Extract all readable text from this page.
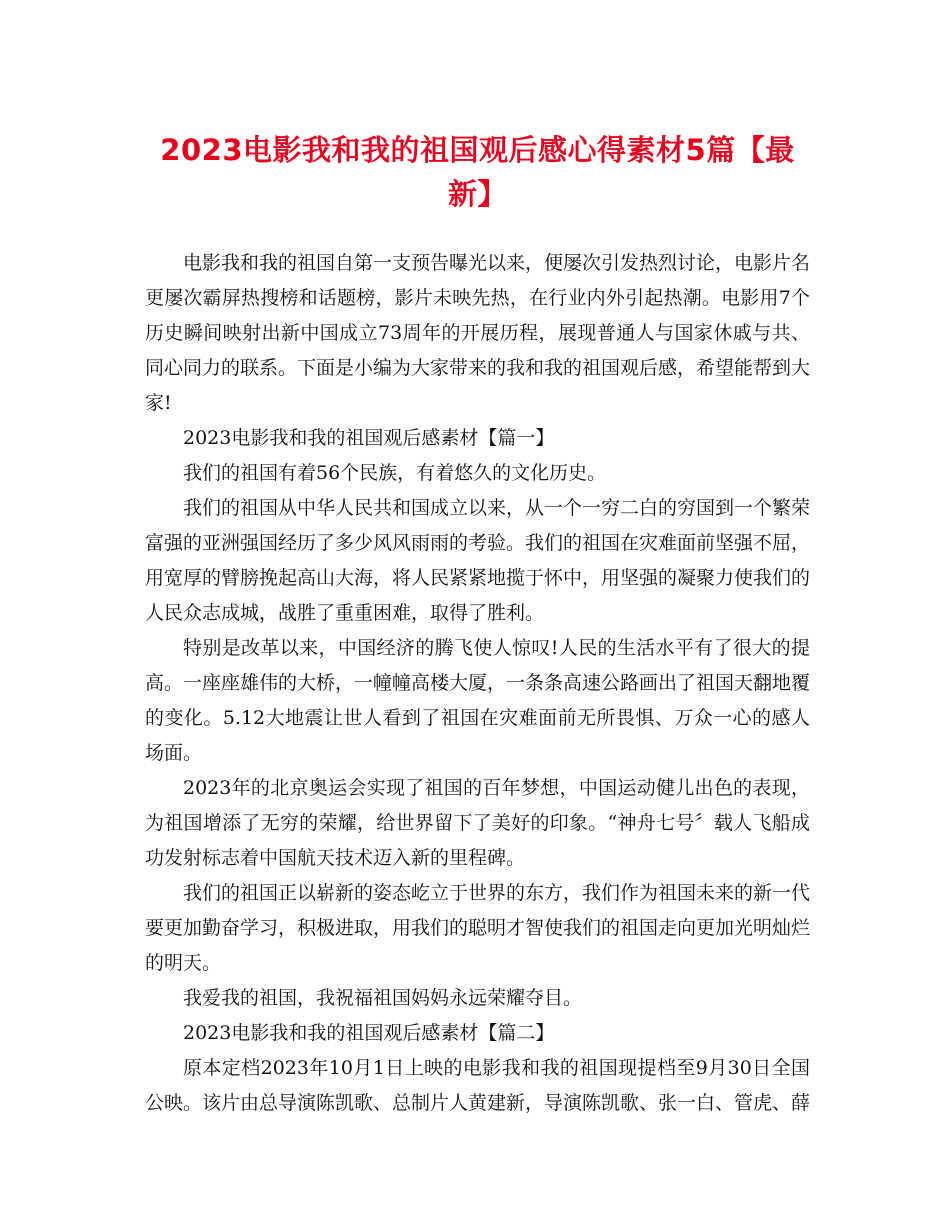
2023电影我和我的祖国观后感心得素材5篇【最新】

电影我和我的祖国自第一支预告曝光以来，便屡次引发热烈讨论，电影片名更屡次霸屏热搜榜和话题榜，影片未映先热，在行业内外引起热潮。电影用7个历史瞬间映射出新中国成立73周年的开展历程，展现普通人与国家休戚与共、同心同力的联系。下面是小编为大家带来的我和我的祖国观后感，希望能帮到大家!

2023电影我和我的祖国观后感素材【篇一】

我们的祖国有着56个民族，有着悠久的文化历史。

我们的祖国从中华人民共和国成立以来，从一个一穷二白的穷国到一个繁荣富强的亚洲强国经历了多少风风雨雨的考验。我们的祖国在灾难面前坚强不屈，用宽厚的臂膀挽起高山大海，将人民紧紧地揽于怀中，用坚强的凝聚力使我们的人民众志成城，战胜了重重困难，取得了胜利。

特别是改革以来，中国经济的腾飞使人惊叹!人民的生活水平有了很大的提高。一座座雄伟的大桥，一幢幢高楼大厦，一条条高速公路画出了祖国天翻地覆的变化。5.12大地震让世人看到了祖国在灾难面前无所畏惧、万众一心的感人场面。

2023年的北京奥运会实现了祖国的百年梦想，中国运动健儿出色的表现，为祖国增添了无穷的荣耀，给世界留下了美好的印象。“神舟七号〞载人飞船成功发射标志着中国航天技术迈入新的里程碑。

我们的祖国正以崭新的姿态屹立于世界的东方，我们作为祖国未来的新一代要更加勤奋学习，积极进取，用我们的聪明才智使我们的祖国走向更加光明灿烂的明天。

我爱我的祖国，我祝福祖国妈妈永远荣耀夺目。

2023电影我和我的祖国观后感素材【篇二】

原本定档2023年10月1日上映的电影我和我的祖国现提档至9月30日全国公映。该片由总导演陈凯歌、总制片人黄建新，导演陈凯歌、张一白、管虎、薛
